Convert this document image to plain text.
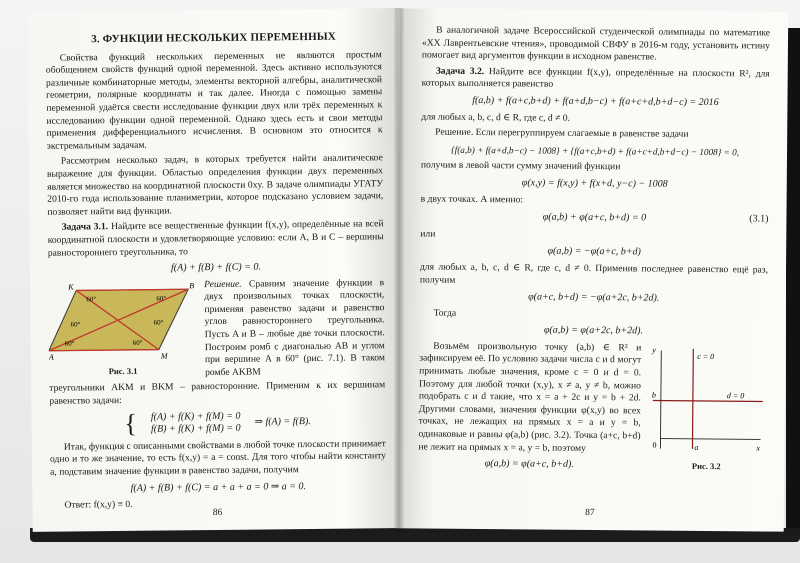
3. ФУНКЦИИ НЕСКОЛЬКИХ ПЕРЕМЕННЫХ

Свойства функций нескольких переменных не являются простым обобщением свойств функций одной переменной. Здесь активно используются различные комбинаторные методы, элементы векторной алгебры, аналитической геометрии, полярные координаты и так далее. Иногда с помощью замены переменной удаётся свести исследование функции двух или трёх переменных к исследованию функции одной переменной. Однако здесь есть и свои методы применения дифференциального исчисления. В основном это относится к экстремальным задачам.

Рассмотрим несколько задач, в которых требуется найти аналитическое выражение для функции. Областью определения функции двух переменных является множество на координатной плоскости 0xy. В задаче олимпиады УГАТУ 2010-го года использование планиметрии, которое подсказано условием задачи, позволяет найти вид функции.

Задача 3.1. Найдите все вещественные функции f(x,y), определённые на всей координатной плоскости и удовлетворяющие условию: если A, B и C – вершины равностороннего треугольника, то

f(A) + f(B) + f(C) = 0.
K	B
A	M
60°	60°
60°	60°
60°	60°
Рис. 3.1
Решение. Сравним значение функции в двух произвольных точках плоскости, применяя равенство задачи и равенство углов равностороннего треугольника. Пусть A и B – любые две точки плоскости. Построим ромб с диагональю AB и углом при вершине A в 60° (рис. 7.1). В таком ромбе AKBM

треугольники AKM и BKM – равносторонние. Применим к их вершинам равенство задачи:

{ f(A) + f(K) + f(M) = 0
f(B) + f(K) + f(M) = 0
⇒ f(A) = f(B).

Итак, функция с описанными свойствами в любой точке плоскости принимает одно и то же значение, то есть f(x,y) = a = const. Для того чтобы найти константу a, подставим значение функции в равенство задачи, получим

f(A) + f(B) + f(C) = a + a + a = 0 ⇒ a = 0.

Ответ: f(x,y) ≡ 0.

86

В аналогичной задаче Всероссийской студенческой олимпиады по математике «XX Лаврентьевские чтения», проводимой СВФУ в 2016-м году, установить истину помогает вид аргументов функции в исходном равенстве.

Задача 3.2. Найдите все функции f(x,y), определённые на плоскости R², для которых выполняется равенство

f(a,b) + f(a+c,b+d) + f(a+d,b−c) + f(a+c+d,b+d−c) = 2016

для любых a, b, c, d ∈ R, где c, d ≠ 0.

Решение. Если перегруппируем слагаемые в равенстве задачи

{f(a,b) + f(a+d,b−c) − 1008} + {f(a+c,b+d) + f(a+c+d,b+d−c) − 1008} = 0,

получим в левой части сумму значений функции

φ(x,y) = f(x,y) + f(x+d, y−c) − 1008

в двух точках. А именно:

φ(a,b) + φ(a+c, b+d) = 0	(3.1)

или

φ(a,b) = −φ(a+c, b+d)

для любых a, b, c, d ∈ R, где c, d ≠ 0. Применив последнее равенство ещё раз, получим

φ(a+c, b+d) = −φ(a+2c, b+2d).

Тогда

φ(a,b) = φ(a+2c, b+2d).

Возьмём произвольную точку (a,b) ∈ R² и зафиксируем её. По условию задачи числа c и d могут принимать любые значения, кроме c = 0 и d = 0. Поэтому для любой точки (x,y), x ≠ a, y ≠ b, можно подобрать c и d такие, что x = a + 2c и y = b + 2d. Другими словами, значения функции φ(x,y) во всех точках, не лежащих на прямых x = a и y = b, одинаковые и равны φ(a,b) (рис. 3.2). Точка (a+c, b+d) не лежит на прямых x = a, y = b, поэтому

φ(a,b) = φ(a+c, b+d).
y
x
0
b
a
c = 0
d = 0
Рис. 3.2
87
